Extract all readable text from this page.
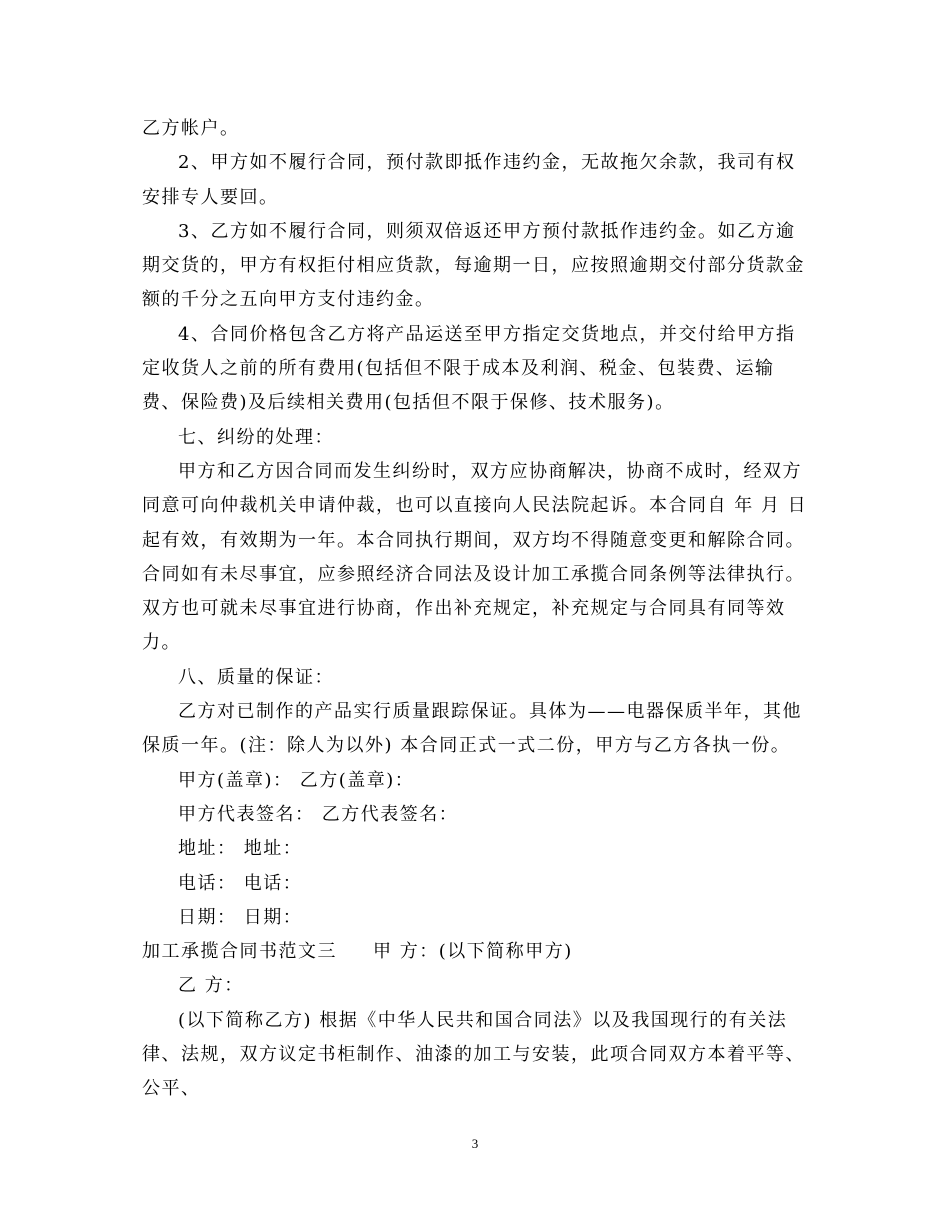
乙方帐户。

2、甲方如不履行合同，预付款即抵作违约金，无故拖欠余款，我司有权安排专人要回。

3、乙方如不履行合同，则须双倍返还甲方预付款抵作违约金。如乙方逾期交货的，甲方有权拒付相应货款，每逾期一日，应按照逾期交付部分货款金额的千分之五向甲方支付违约金。

4、合同价格包含乙方将产品运送至甲方指定交货地点，并交付给甲方指定收货人之前的所有费用(包括但不限于成本及利润、税金、包装费、运输费、保险费)及后续相关费用(包括但不限于保修、技术服务)。

七、纠纷的处理：

甲方和乙方因合同而发生纠纷时，双方应协商解决，协商不成时，经双方同意可向仲裁机关申请仲裁，也可以直接向人民法院起诉。本合同自 年 月 日起有效，有效期为一年。本合同执行期间，双方均不得随意变更和解除合同。合同如有未尽事宜，应参照经济合同法及设计加工承揽合同条例等法律执行。双方也可就未尽事宜进行协商，作出补充规定，补充规定与合同具有同等效力。

八、质量的保证：

乙方对已制作的产品实行质量跟踪保证。具体为——电器保质半年，其他保质一年。(注：除人为以外) 本合同正式一式二份，甲方与乙方各执一份。

甲方(盖章)： 乙方(盖章)：

甲方代表签名： 乙方代表签名：

地址： 地址：

电话： 电话：

日期： 日期：

加工承揽合同书范文三 甲 方：(以下简称甲方)

乙 方：

(以下简称乙方) 根据《中华人民共和国合同法》以及我国现行的有关法律、法规，双方议定书柜制作、油漆的加工与安装，此项合同双方本着平等、公平、

3
